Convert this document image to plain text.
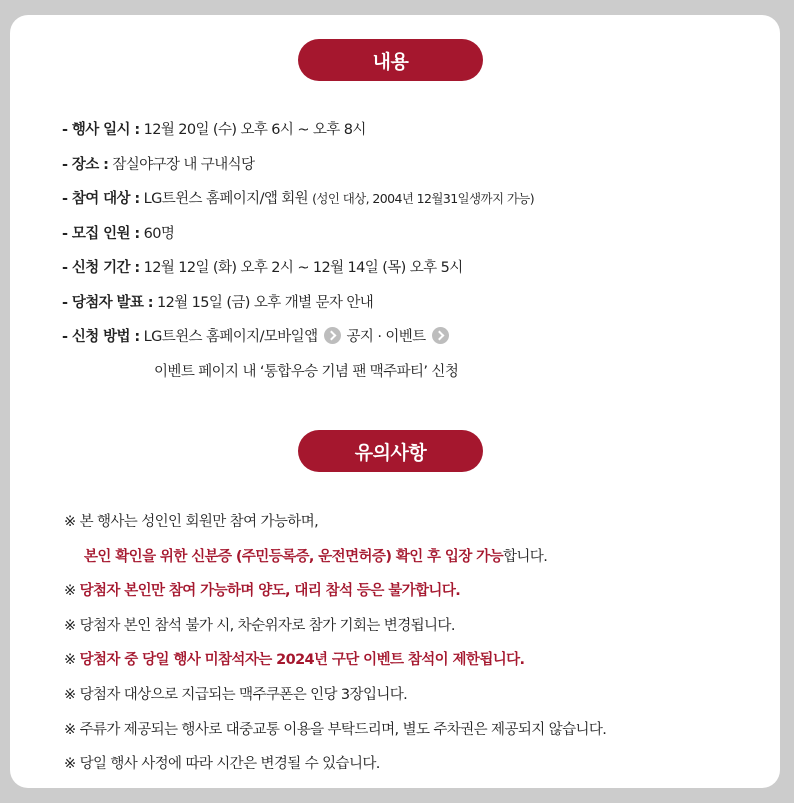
내용
- 행사 일시 : 12월 20일 (수) 오후 6시 ~ 오후 8시
- 장소 : 잠실야구장 내 구내식당
- 참여 대상 : LG트윈스 홈페이지/앱 회원 (성인 대상, 2004년 12월31일생까지 가능)
- 모집 인원 : 60명
- 신청 기간 : 12월 12일 (화) 오후 2시 ~ 12월 14일 (목) 오후 5시
- 당첨자 발표 : 12월 15일 (금) 오후 개별 문자 안내
- 신청 방법 : LG트윈스 홈페이지/모바일앱  공지 · 이벤트
이벤트 페이지 내 ‘통합우승 기념 팬 맥주파티’ 신청
유의사항
※ 본 행사는 성인인 회원만 참여 가능하며,
본인 확인을 위한 신분증 (주민등록증, 운전면허증) 확인 후 입장 가능합니다.
※ 당첨자 본인만 참여 가능하며 양도, 대리 참석 등은 불가합니다.
※ 당첨자 본인 참석 불가 시, 차순위자로 참가 기회는 변경됩니다.
※ 당첨자 중 당일 행사 미참석자는 2024년 구단 이벤트 참석이 제한됩니다.
※ 당첨자 대상으로 지급되는 맥주쿠폰은 인당 3장입니다.
※ 주류가 제공되는 행사로 대중교통 이용을 부탁드리며, 별도 주차권은 제공되지 않습니다.
※ 당일 행사 사정에 따라 시간은 변경될 수 있습니다.
